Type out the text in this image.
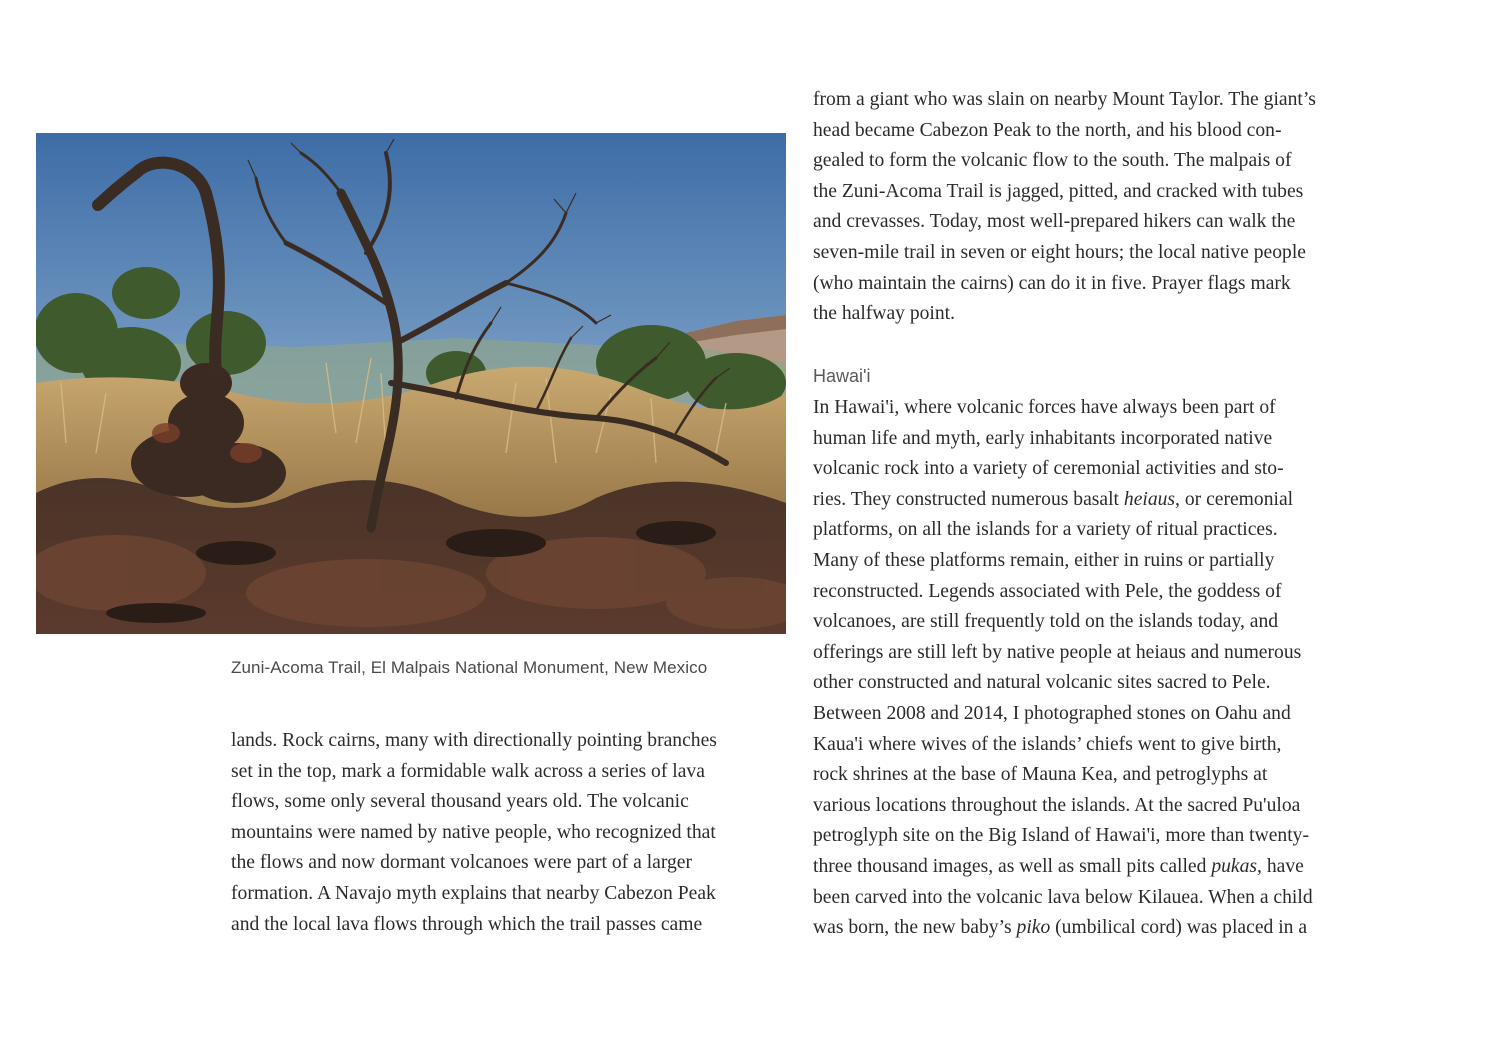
Zuni-Acoma Trail, El Malpais National Monument, New Mexico
lands. Rock cairns, many with directionally pointing branches
set in the top, mark a formidable walk across a series of lava
flows, some only several thousand years old. The volcanic
mountains were named by native people, who recognized that
the flows and now dormant volcanoes were part of a larger
formation. A Navajo myth explains that nearby Cabezon Peak
and the local lava flows through which the trail passes came
from a giant who was slain on nearby Mount Taylor. The giant’s
head became Cabezon Peak to the north, and his blood con-
gealed to form the volcanic flow to the south. The malpais of
the Zuni-Acoma Trail is jagged, pitted, and cracked with tubes
and crevasses. Today, most well-prepared hikers can walk the
seven-mile trail in seven or eight hours; the local native people
(who maintain the cairns) can do it in five. Prayer flags mark
the halfway point.
Hawai'i
In Hawai'i, where volcanic forces have always been part of
human life and myth, early inhabitants incorporated native
volcanic rock into a variety of ceremonial activities and sto-
ries. They constructed numerous basalt heiaus, or ceremonial
platforms, on all the islands for a variety of ritual practices.
Many of these platforms remain, either in ruins or partially
reconstructed. Legends associated with Pele, the goddess of
volcanoes, are still frequently told on the islands today, and
offerings are still left by native people at heiaus and numerous
other constructed and natural volcanic sites sacred to Pele.
Between 2008 and 2014, I photographed stones on Oahu and
Kaua'i where wives of the islands’ chiefs went to give birth,
rock shrines at the base of Mauna Kea, and petroglyphs at
various locations throughout the islands. At the sacred Pu'uloa
petroglyph site on the Big Island of Hawai'i, more than twenty-
three thousand images, as well as small pits called pukas, have
been carved into the volcanic lava below Kilauea. When a child
was born, the new baby’s piko (umbilical cord) was placed in a
